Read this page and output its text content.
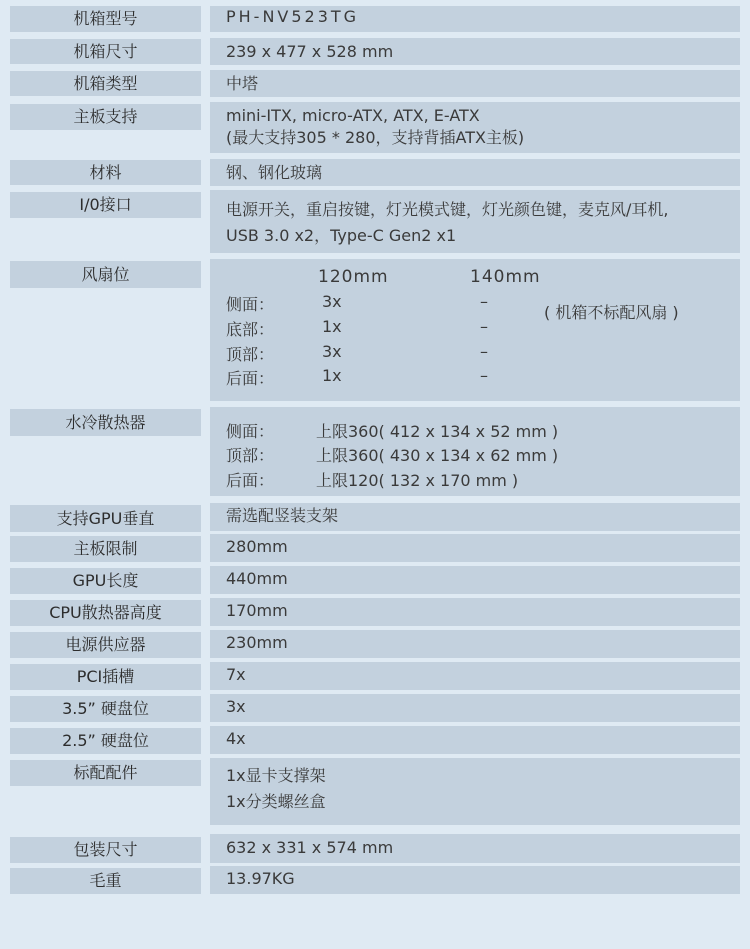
机箱型号	PH-NV523TG
机箱尺寸	239 x 477 x 528 mm
机箱类型	中塔
主板支持	mini-ITX, micro-ATX, ATX, E-ATX
(最大支持305 * 280，支持背插ATX主板)
材料	钢、钢化玻璃
I/0接口	电源开关，重启按键，灯光模式键，灯光颜色键，麦克风/耳机,
USB 3.0 x2，Type-C Gen2 x1
风扇位	120mm	140mm
( 机箱不标配风扇 )
侧面：	3x	–
底部：	1x	–
顶部：	3x	–
后面：	1x	–
水冷散热器	侧面：	上限360( 412 x 134 x 52 mm )
顶部：	上限360( 430 x 134 x 62 mm )
后面：	上限120( 132 x 170 mm )
支持GPU垂直	需选配竖装支架
主板限制	280mm
GPU长度	440mm
CPU散热器高度	170mm
电源供应器	230mm
PCI插槽	7x
3.5” 硬盘位	3x
2.5” 硬盘位	4x
标配配件	1x显卡支撑架
1x分类螺丝盒
包装尺寸	632 x 331 x 574 mm
毛重	13.97KG
